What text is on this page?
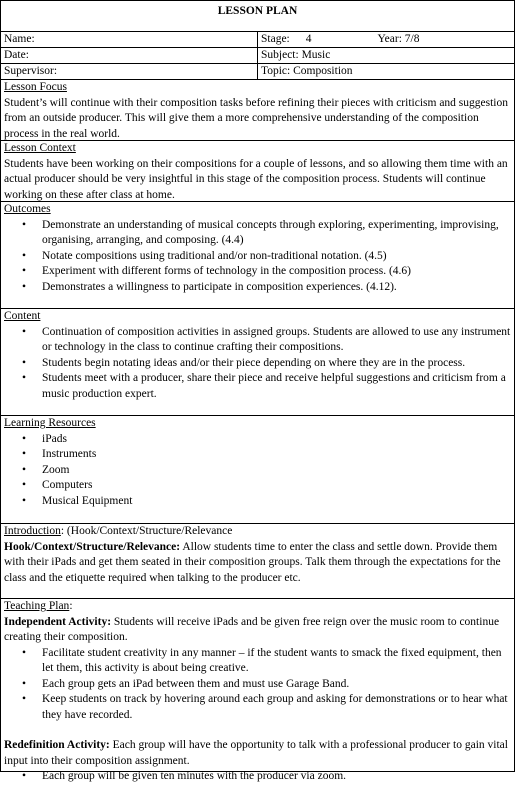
LESSON PLAN
Name:	Stage: 4	Year: 7/8
Date:	Subject: Music
Supervisor:	Topic: Composition
Lesson Focus

Student’s will continue with their composition tasks before refining their pieces with criticism and suggestion from an outside producer. This will give them a more comprehensive understanding of the composition process in the real world.

Lesson Context

Students have been working on their compositions for a couple of lessons, and so allowing them time with an actual producer should be very insightful in this stage of the composition process. Students will continue working on these after class at home.

Outcomes
• Demonstrate an understanding of musical concepts through exploring, experimenting, improvising, organising, arranging, and composing. (4.4)
• Notate compositions using traditional and/or non-traditional notation. (4.5)
• Experiment with different forms of technology in the composition process. (4.6)
• Demonstrates a willingness to participate in composition experiences. (4.12).
Content
• Continuation of composition activities in assigned groups. Students are allowed to use any instrument or technology in the class to continue crafting their compositions.
• Students begin notating ideas and/or their piece depending on where they are in the process.
• Students meet with a producer, share their piece and receive helpful suggestions and criticism from a music production expert.
Learning Resources
• iPads
• Instruments
• Zoom
• Computers
• Musical Equipment
Introduction: (Hook/Context/Structure/Relevance

Hook/Context/Structure/Relevance: Allow students time to enter the class and settle down. Provide them with their iPads and get them seated in their composition groups. Talk them through the expectations for the class and the etiquette required when talking to the producer etc.

Teaching Plan:

Independent Activity: Students will receive iPads and be given free reign over the music room to continue creating their composition.

• Facilitate student creativity in any manner – if the student wants to smack the fixed equipment, then let them, this activity is about being creative.
• Each group gets an iPad between them and must use Garage Band.
• Keep students on track by hovering around each group and asking for demonstrations or to hear what they have recorded.

Redefinition Activity: Each group will have the opportunity to talk with a professional producer to gain vital input into their composition assignment.

• Each group will be given ten minutes with the producer via zoom.
